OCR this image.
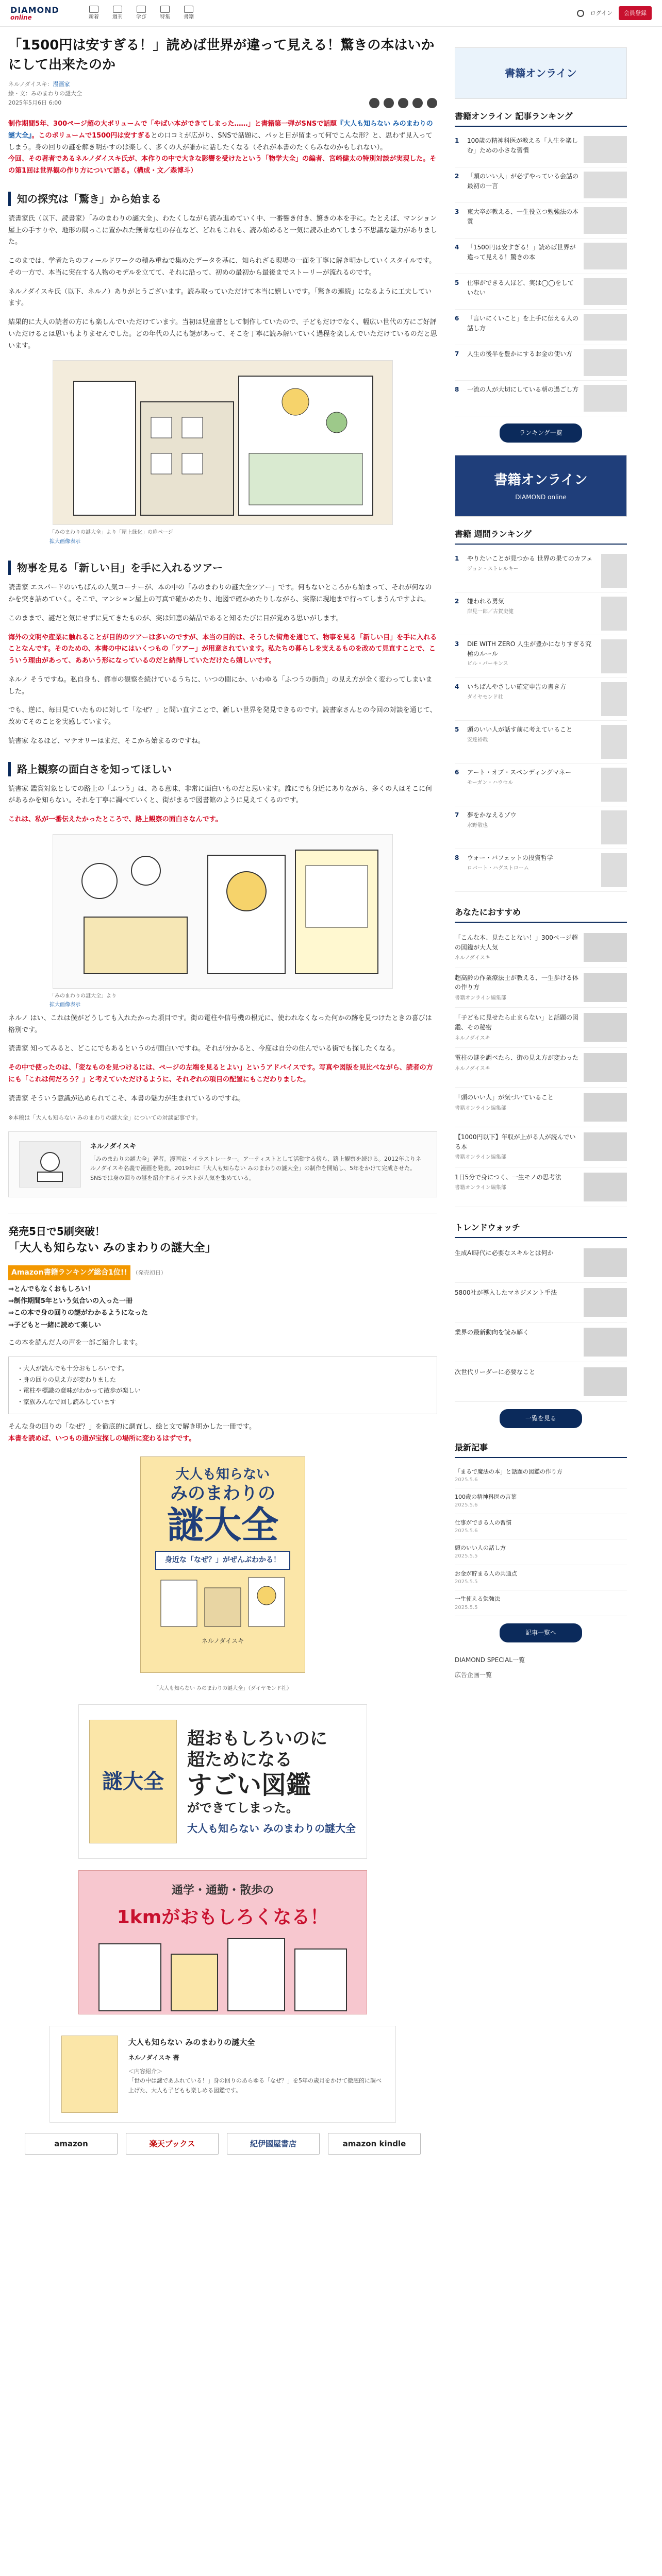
DIAMOND
online	新着	週刊	学び	特集	書籍
ログイン	会員登録
「1500円は安すぎる！」読めば世界が違って見える！驚きの本はいかにして出来たのか
ネルノダイスキ：漫画家
絵・文：みのまわりの謎大全
2025年5月6日 6:00
制作期間5年、300ページ超の大ボリュームで「やばい本ができてしまった……」と書籍第一弾がSNSで話題『大人も知らない みのまわりの謎大全』。このボリュームで1500円は安すぎるとの口コミが広がり、SNSで話題に、パッと目が留まって何でこんな形？と、思わず見入ってしまう。身の回りの謎を解き明かすのは楽しく、多くの人が誰かに話したくなる（それが本書のたくらみなのかもしれない）。
今回、その著者であるネルノダイスキ氏が、本作りの中で大きな影響を受けたという「物学大全」の編者、宮崎健太の特別対談が実現した。その第1回は世界観の作り方について語る。（構成・文／森博斗）
知の探究は「驚き」から始まる

読書家氏（以下、読書家）「みのまわりの謎大全」、わたくしながら読み進めていく中、一番響き付き、驚きの本を手に。たとえば、マンション屋上の手すりや、地形の隅っこに置かれた無骨な柱の存在など、どれもこれも、読み始めると一気に読み止めてしまう不思議な魅力がありました。

このまでは、学者たちのフィールドワークの積み重ねで集めたデータを基に、知られざる現場の一面を丁寧に解き明かしていくスタイルです。その一方で、本当に実在する人物のモデルを立てて、それに沿って、初めの最初から最後までストーリーが流れるのです。

ネルノダイスキ氏（以下、ネルノ）ありがとうございます。読み取っていただけて本当に嬉しいです。「驚きの連続」になるように工夫しています。

結果的に大人の読者の方にも楽しんでいただけています。当初は児童書として制作していたので、子どもだけでなく、幅広い世代の方にご好評いただけるとは思いもよりませんでした。どの年代の人にも謎があって、そこを丁寧に読み解いていく過程を楽しんでいただけているのだと思います。

「みのまわりの謎大全」より「屋上緑化」の扉ページ
拡大画像表示
物事を見る「新しい目」を手に入れるツアー

読書家 エスパードのいちばんの人気コーナーが、本の中の「みのまわりの謎大全ツアー」です。何もないところから始まって、それが何なのかを突き詰めていく。そこで、マンション屋上の写真で確かめたり、地図で確かめたりしながら、実際に現地まで行ってしまうんですよね。

このままで、謎だと気にせずに見てきたものが、実は知恵の結晶であると知るたびに目が覚める思いがします。

海外の文明や産業に触れることが目的のツアーは多いのですが、本当の目的は、そうした街角を通じて、物事を見る「新しい目」を手に入れることなんです。そのための、本書の中にはいくつもの「ツアー」が用意されています。私たちの暮らしを支えるものを改めて見直すことで、こういう理由があって、ああいう形になっているのだと納得していただけたら嬉しいです。

ネルノ そうですね。私自身も、都市の観察を続けているうちに、いつの間にか、いわゆる「ふつうの街角」の見え方が全く変わってしまいました。

でも、逆に、毎日見ていたものに対して「なぜ？」と問い直すことで、新しい世界を発見できるのです。読書家さんとの今回の対談を通じて、改めてそのことを実感しています。

読書家 なるほど、マテオリーはまだ、そこから始まるのですね。

路上観察の面白さを知ってほしい

読書家 鑑賞対象としての路上の「ふつう」は、ある意味、非常に面白いものだと思います。誰にでも身近にありながら、多くの人はそこに何があるかを知らない。それを丁寧に調べていくと、街がまるで図書館のように見えてくるのです。

これは、私が一番伝えたかったところで、路上観察の面白さなんです。

「みのまわりの謎大全」より
拡大画像表示

ネルノ はい、これは僕がどうしても入れたかった項目です。街の電柱や信号機の根元に、使われなくなった何かの跡を見つけたときの喜びは格別です。

読書家 知ってみると、どこにでもあるというのが面白いですね。それが分かると、今度は自分の住んでいる街でも探したくなる。

その中で使ったのは、「変なものを見つけるには、ページの左端を見るとよい」というアドバイスです。写真や図版を見比べながら、読者の方にも「これは何だろう？」と考えていただけるように、それぞれの項目の配置にもこだわりました。

読書家 そういう意識が込められてこそ、本書の魅力が生まれているのですね。

※本稿は「大人も知らない みのまわりの謎大全」についての対談記事です。
ネルノダイスキ
「みのまわりの謎大全」著者。漫画家・イラストレーター。アーティストとして活動する傍ら、路上観察を続ける。2012年よりネルノダイスキ名義で漫画を発表。2019年に「大人も知らない みのまわりの謎大全」の制作を開始し、5年をかけて完成させた。SNSでは身の回りの謎を紹介するイラストが人気を集めている。
発売5日で5刷突破！
「大人も知らない みのまわりの謎大全」
Amazon書籍ランキング総合1位!! （発売初日）
⇒とんでもなくおもしろい！
⇒制作期間5年という気合いの入った一冊
⇒この本で身の回りの謎がわかるようになった
⇒子どもと一緒に読めて楽しい

この本を読んだ人の声を一部ご紹介します。

・大人が読んでも十分おもしろいです。
・身の回りの見え方が変わりました
・電柱や標識の意味がわかって散歩が楽しい
・家族みんなで回し読みしています

そんな身の回りの「なぜ？」を徹底的に調査し、絵と文で解き明かした一冊です。
本書を読めば、いつもの道が宝探しの場所に変わるはずです。

大人も知らない
みのまわりの
謎大全
身近な「なぜ？」がぜんぶわかる！
ネルノダイスキ
「大人も知らない みのまわりの謎大全」（ダイヤモンド社）
謎大全
超おもしろいのに
超ためになる
すごい図鑑
ができてしまった。
大人も知らない みのまわりの謎大全
通学・通勤・散歩の
1kmがおもしろくなる！
大人も知らない みのまわりの謎大全
ネルノダイスキ 著
＜内容紹介＞
「世の中は謎であふれている！」身の回りのあらゆる「なぜ？」を5年の歳月をかけて徹底的に調べ上げた、大人も子どもも楽しめる図鑑です。
amazon	楽天ブックス	紀伊國屋書店	amazon kindle
書籍オンライン
書籍オンライン 記事ランキング
1	100歳の精神科医が教える「人生を楽しむ」ための小さな習慣
2	「頭のいい人」が必ずやっている会話の最初の一言
3	東大卒が教える、一生役立つ勉強法の本質
4	「1500円は安すぎる！」読めば世界が違って見える！驚きの本
5	仕事ができる人ほど、実は◯◯をしていない
6	「言いにくいこと」を上手に伝える人の話し方
7	人生の後半を豊かにするお金の使い方
8	一流の人が大切にしている朝の過ごし方
ランキング一覧
書籍オンライン
DIAMOND online
書籍 週間ランキング
1	やりたいことが見つかる 世界の果てのカフェ
ジョン・ストレルキー
2	嫌われる勇気
岸見一郎／古賀史健
3	DIE WITH ZERO 人生が豊かになりすぎる究極のルール
ビル・パーキンス
4	いちばんやさしい確定申告の書き方
ダイヤモンド社
5	頭のいい人が話す前に考えていること
安達裕哉
6	アート・オブ・スペンディングマネー
モーガン・ハウセル
7	夢をかなえるゾウ
水野敬也
8	ウォー・バフェットの投資哲学
ロバート・ハグストローム
あなたにおすすめ
「こんな本、見たことない！」300ページ超の図鑑が大人気
ネルノダイスキ
超高齢の作業療法士が教える、一生歩ける体の作り方
書籍オンライン編集部
「子どもに見せたら止まらない」と話題の図鑑、その秘密
ネルノダイスキ
電柱の謎を調べたら、街の見え方が変わった
ネルノダイスキ
「頭のいい人」が気づいていること
書籍オンライン編集部
【1000円以下】年収が上がる人が読んでいる本
書籍オンライン編集部
1日5分で身につく、一生モノの思考法
書籍オンライン編集部
トレンドウォッチ
生成AI時代に必要なスキルとは何か
5800社が導入したマネジメント手法
業界の最新動向を読み解く
次世代リーダーに必要なこと
一覧を見る
最新記事
「まるで魔法の本」と話題の図鑑の作り方
2025.5.6
100歳の精神科医の言葉
2025.5.6
仕事ができる人の習慣
2025.5.6
頭のいい人の話し方
2025.5.5
お金が貯まる人の共通点
2025.5.5
一生使える勉強法
2025.5.5
記事一覧へ
DIAMOND SPECIAL一覧
広告企画一覧
